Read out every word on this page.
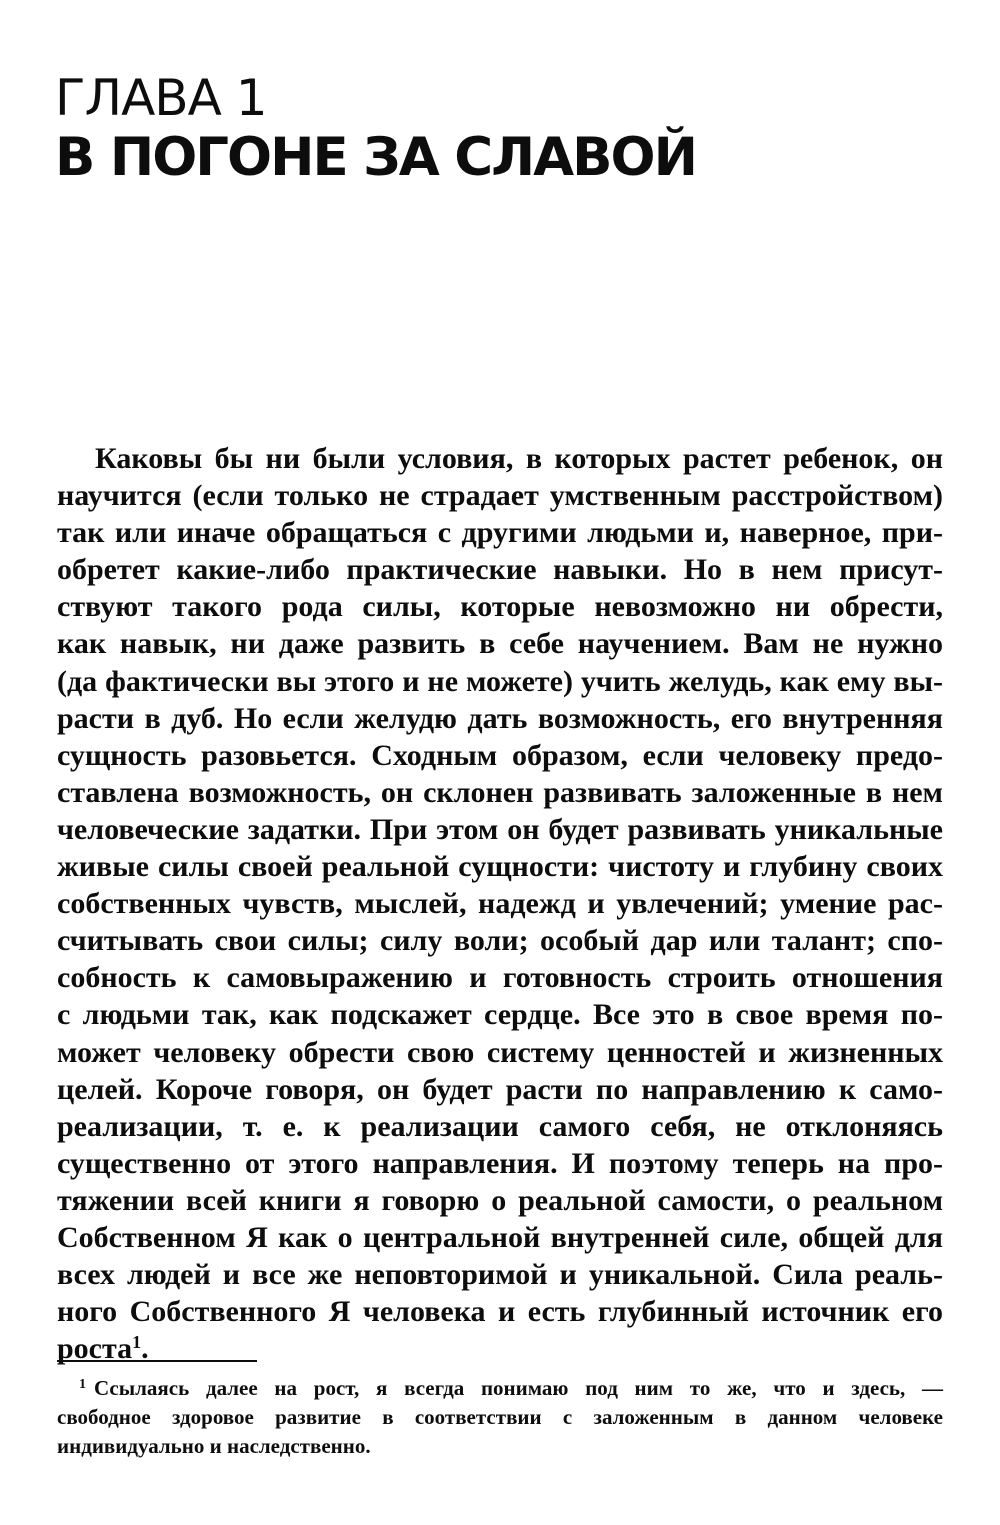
ГЛАВА 1
В ПОГОНЕ ЗА СЛАВОЙ
Каковы бы ни были условия, в которых растет ребенок, он
научится (если только не страдает умственным расстройством)
так или иначе обращаться с другими людьми и, наверное, при-
обретет какие-либо практические навыки. Но в нем присут-
ствуют такого рода силы, которые невозможно ни обрести,
как навык, ни даже развить в себе научением. Вам не нужно
(да фактически вы этого и не можете) учить желудь, как ему вы-
расти в дуб. Но если желудю дать возможность, его внутренняя
сущность разовьется. Сходным образом, если человеку предо-
ставлена возможность, он склонен развивать заложенные в нем
человеческие задатки. При этом он будет развивать уникальные
живые силы своей реальной сущности: чистоту и глубину своих
собственных чувств, мыслей, надежд и увлечений; умение рас-
считывать свои силы; силу воли; особый дар или талант; спо-
собность к самовыражению и готовность строить отношения
с людьми так, как подскажет сердце. Все это в свое время по-
может человеку обрести свою систему ценностей и жизненных
целей. Короче говоря, он будет расти по направлению к само-
реализации, т. е. к реализации самого себя, не отклоняясь
существенно от этого направления. И поэтому теперь на про-
тяжении всей книги я говорю о реальной самости, о реальном
Собственном Я как о центральной внутренней силе, общей для
всех людей и все же неповторимой и уникальной. Сила реаль-
ного Собственного Я человека и есть глубинный источник его
роста$^1$.
$^1$ Ссылаясь далее на рост, я всегда понимаю под ним то же, что и здесь, —
свободное здоровое развитие в соответствии с заложенным в данном человеке
индивидуально и наследственно.
